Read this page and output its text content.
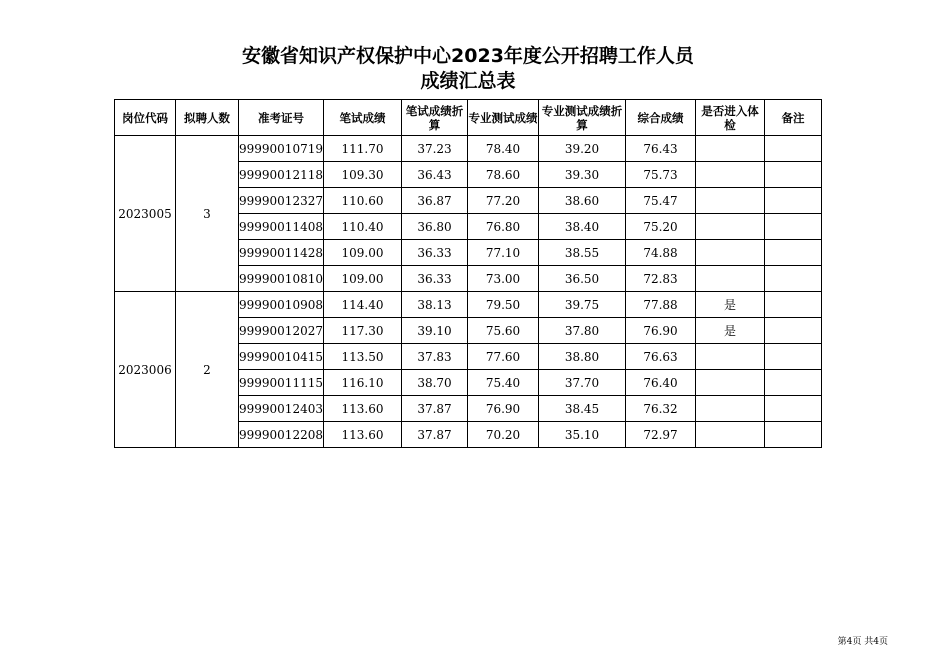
安徽省知识产权保护中心2023年度公开招聘工作人员
成绩汇总表
岗位代码	拟聘人数	准考证号	笔试成绩	笔试成绩折算	专业测试成绩	专业测试成绩折算	综合成绩	是否进入体检	备注
2023005	3	99990010719	111.70	37.23	78.40	39.20	76.43		
		99990012118	109.30	36.43	78.60	39.30	75.73		
		99990012327	110.60	36.87	77.20	38.60	75.47		
		99990011408	110.40	36.80	76.80	38.40	75.20		
		99990011428	109.00	36.33	77.10	38.55	74.88		
		99990010810	109.00	36.33	73.00	36.50	72.83		
2023006	2	99990010908	114.40	38.13	79.50	39.75	77.88	是	
		99990012027	117.30	39.10	75.60	37.80	76.90	是	
		99990010415	113.50	37.83	77.60	38.80	76.63		
		99990011115	116.10	38.70	75.40	37.70	76.40		
		99990012403	113.60	37.87	76.90	38.45	76.32		
		99990012208	113.60	37.87	70.20	35.10	72.97		
第4页 共4页
